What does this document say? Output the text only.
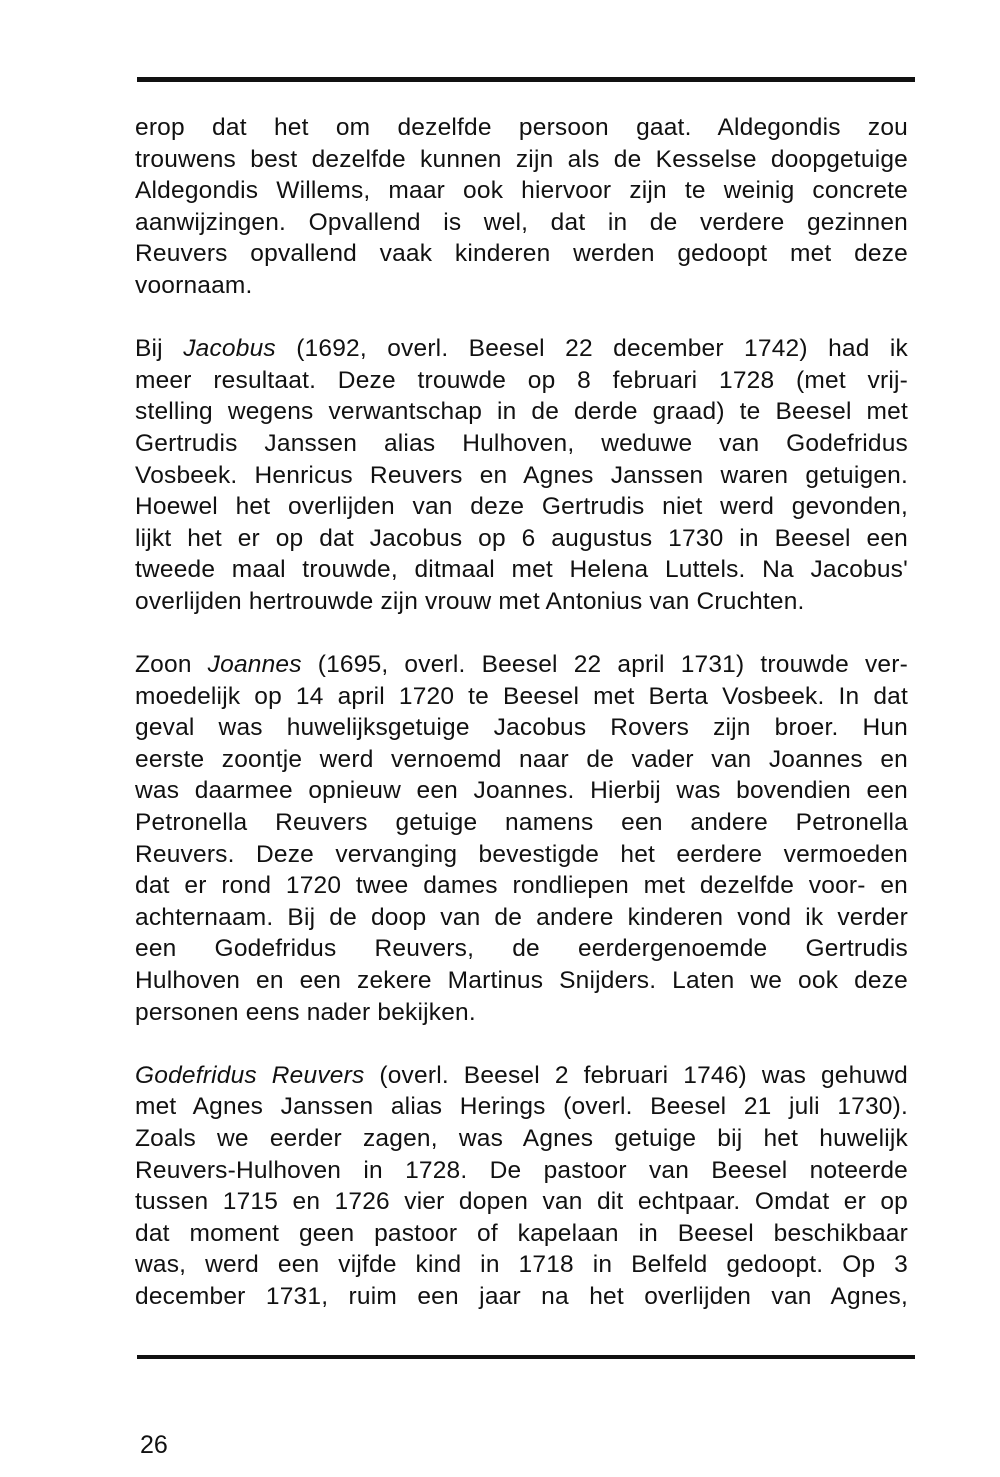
erop dat het om dezelfde persoon gaat. Aldegondis zou
trouwens best dezelfde kunnen zijn als de Kesselse doopgetuige
Aldegondis Willems, maar ook hiervoor zijn te weinig concrete
aanwijzingen. Opvallend is wel, dat in de verdere gezinnen
Reuvers opvallend vaak kinderen werden gedoopt met deze
voornaam.
Bij Jacobus (1692, overl. Beesel 22 december 1742) had ik
meer resultaat. Deze trouwde op 8 februari 1728 (met vrij-
stelling wegens verwantschap in de derde graad) te Beesel met
Gertrudis Janssen alias Hulhoven, weduwe van Godefridus
Vosbeek. Henricus Reuvers en Agnes Janssen waren getuigen.
Hoewel het overlijden van deze Gertrudis niet werd gevonden,
lijkt het er op dat Jacobus op 6 augustus 1730 in Beesel een
tweede maal trouwde, ditmaal met Helena Luttels. Na Jacobus'
overlijden hertrouwde zijn vrouw met Antonius van Cruchten.
Zoon Joannes (1695, overl. Beesel 22 april 1731) trouwde ver-
moedelijk op 14 april 1720 te Beesel met Berta Vosbeek. In dat
geval was huwelijksgetuige Jacobus Rovers zijn broer. Hun
eerste zoontje werd vernoemd naar de vader van Joannes en
was daarmee opnieuw een Joannes. Hierbij was bovendien een
Petronella Reuvers getuige namens een andere Petronella
Reuvers. Deze vervanging bevestigde het eerdere vermoeden
dat er rond 1720 twee dames rondliepen met dezelfde voor- en
achternaam. Bij de doop van de andere kinderen vond ik verder
een Godefridus Reuvers, de eerdergenoemde Gertrudis
Hulhoven en een zekere Martinus Snijders. Laten we ook deze
personen eens nader bekijken.
Godefridus Reuvers (overl. Beesel 2 februari 1746) was gehuwd
met Agnes Janssen alias Herings (overl. Beesel 21 juli 1730).
Zoals we eerder zagen, was Agnes getuige bij het huwelijk
Reuvers-Hulhoven in 1728. De pastoor van Beesel noteerde
tussen 1715 en 1726 vier dopen van dit echtpaar. Omdat er op
dat moment geen pastoor of kapelaan in Beesel beschikbaar
was, werd een vijfde kind in 1718 in Belfeld gedoopt. Op 3
december 1731, ruim een jaar na het overlijden van Agnes,
26
